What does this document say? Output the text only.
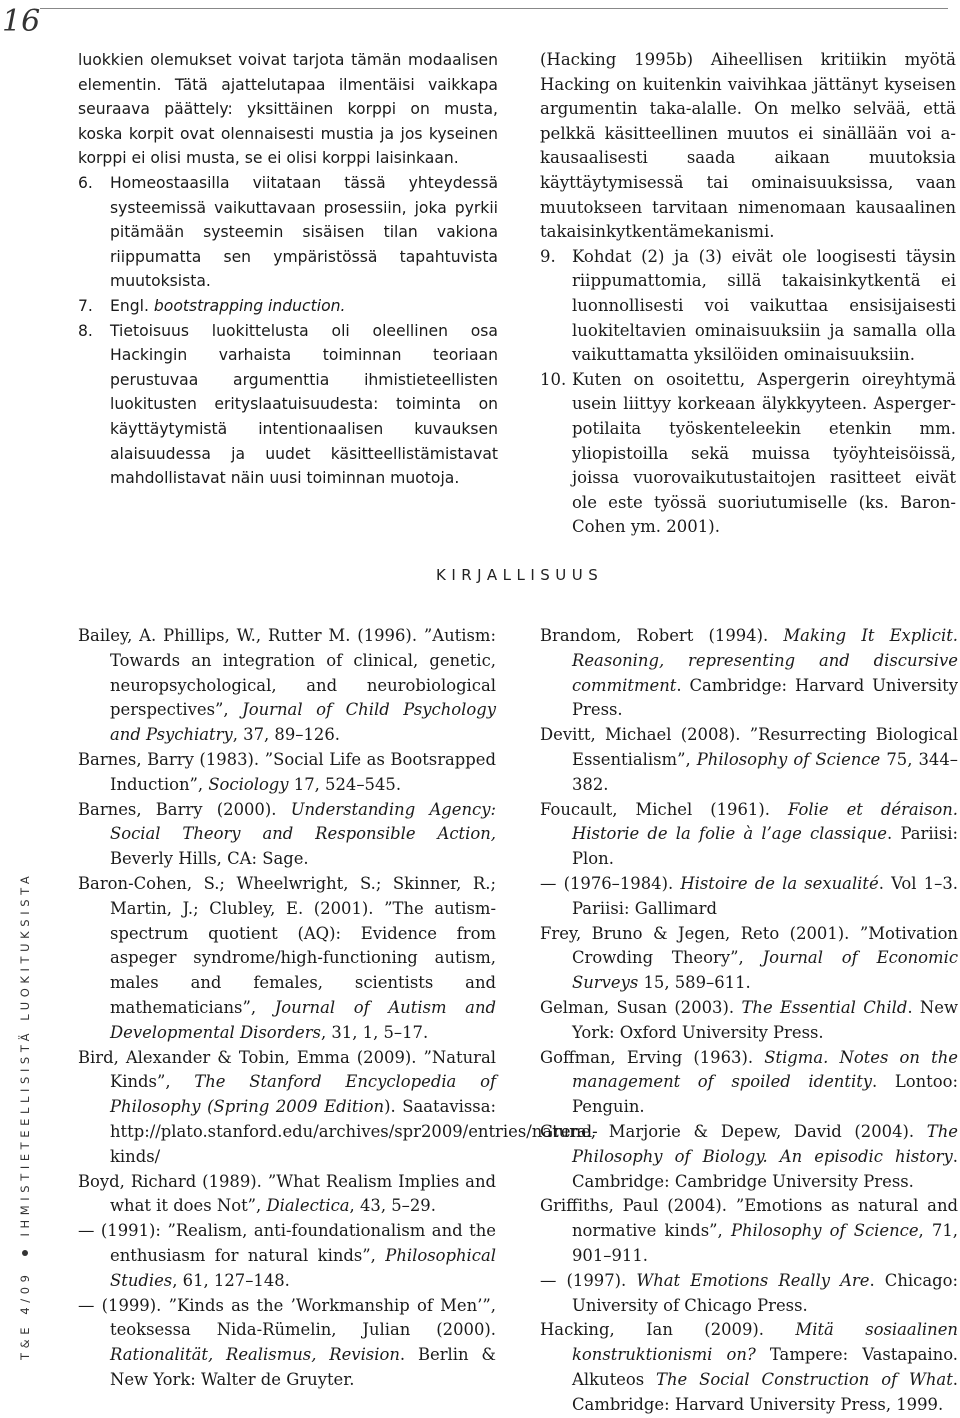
16
T&E 4/09
IHMISTIETEELLISISTÄ LUOKITUKSISTA

luokkien olemukset voivat tarjota tämän modaalisen elementin. Tätä ajattelutapaa ilmentäisi vaikkapa seuraava päättely: yksittäinen korppi on musta, koska korpit ovat olennaisesti mustia ja jos kyseinen korppi ei olisi musta, se ei olisi korppi laisinkaan.

6. Homeostaasilla viitataan tässä yhteydessä systeemissä vaikuttavaan prosessiin, joka pyrkii pitämään systeemin sisäisen tilan vakiona riippumatta sen ympäristössä tapahtuvista muutoksista.

7. Engl. bootstrapping induction.

8. Tietoisuus luokittelusta oli oleellinen osa Hackingin varhaista toiminnan teoriaan perustuvaa argumenttia ihmistieteellisten luokitusten erityslaatuisuudesta: toiminta on käyttäytymistä intentionaalisen kuvauksen alaisuudessa ja uudet käsitteellistämistavat mahdollistavat näin uusi toiminnan muotoja.

(Hacking 1995b) Aiheellisen kritiikin myötä Hacking on kuitenkin vaivihkaa jättänyt kyseisen argumentin taka-alalle. On melko selvää, että pelkkä käsitteellinen muutos ei sinällään voi a-kausaalisesti saada aikaan muutoksia käyttäytymisessä tai ominaisuuksissa, vaan muutokseen tarvitaan nimenomaan kausaalinen takaisinkytkentämekanismi.

9. Kohdat (2) ja (3) eivät ole loogisesti täysin riippumattomia, sillä takaisinkytkentä ei luonnollisesti voi vaikuttaa ensisijaisesti luokiteltavien ominaisuuksiin ja samalla olla vaikuttamatta yksilöiden ominaisuuksiin.

10. Kuten on osoitettu, Aspergerin oireyhtymä usein liittyy korkeaan älykkyyteen. Asperger-potilaita työskenteleekin etenkin mm. yliopistoilla sekä muissa työyhteisöissä, joissa vuorovaikutustaitojen rasitteet eivät ole este työssä suoriutumiselle (ks. Baron-Cohen ym. 2001).

KIRJALLISUUS

Bailey, A. Phillips, W., Rutter M. (1996). ”Autism: Towards an integration of clinical, genetic, neuropsychological, and neurobiological perspectives”, Journal of Child Psychology and Psychiatry, 37, 89–126.

Barnes, Barry (1983). ”Social Life as Bootsrapped Induction”, Sociology 17, 524–545.

Barnes, Barry (2000). Understanding Agency: Social Theory and Responsible Action, Beverly Hills, CA: Sage.

Baron-Cohen, S.; Wheelwright, S.; Skinner, R.; Martin, J.; Clubley, E. (2001). ”The autism-spectrum quotient (AQ): Evidence from aspeger syndrome/high-functioning autism, males and females, scientists and mathematicians”, Journal of Autism and Developmental Disorders, 31, 1, 5–17.

Bird, Alexander & Tobin, Emma (2009). ”Natural Kinds”, The Stanford Encyclopedia of Philosophy (Spring 2009 Edition). Saatavissa: http://plato.stanford.edu/archives/spr2009/entries/natural-kinds/

Boyd, Richard (1989). ”What Realism Implies and what it does Not”, Dialectica, 43, 5–29.

— (1991): ”Realism, anti-foundationalism and the enthusiasm for natural kinds”, Philosophical Studies, 61, 127–148.

— (1999). ”Kinds as the ’Workmanship of Men’”, teoksessa Nida-Rümelin, Julian (2000). Rationalität, Realismus, Revision. Berlin & New York: Walter de Gruyter.

Brandom, Robert (1994). Making It Explicit. Reasoning, representing and discursive commitment. Cambridge: Harvard University Press.

Devitt, Michael (2008). ”Resurrecting Biological Essentialism”, Philosophy of Science 75, 344–382.

Foucault, Michel (1961). Folie et déraison. Historie de la folie à l’age classique. Pariisi: Plon.

— (1976–1984). Histoire de la sexualité. Vol 1–3. Pariisi: Gallimard

Frey, Bruno & Jegen, Reto (2001). ”Motivation Crowding Theory”, Journal of Economic Surveys 15, 589–611.

Gelman, Susan (2003). The Essential Child. New York: Oxford University Press.

Goffman, Erving (1963). Stigma. Notes on the management of spoiled identity. Lontoo: Penguin.

Grene, Marjorie & Depew, David (2004). The Philosophy of Biology. An episodic history. Cambridge: Cambridge University Press.

Griffiths, Paul (2004). ”Emotions as natural and normative kinds”, Philosophy of Science, 71, 901–911.

— (1997). What Emotions Really Are. Chicago: University of Chicago Press.

Hacking, Ian (2009). Mitä sosiaalinen konstruktionismi on? Tampere: Vastapaino. Alkuteos The Social Construction of What. Cambridge: Harvard University Press, 1999.
